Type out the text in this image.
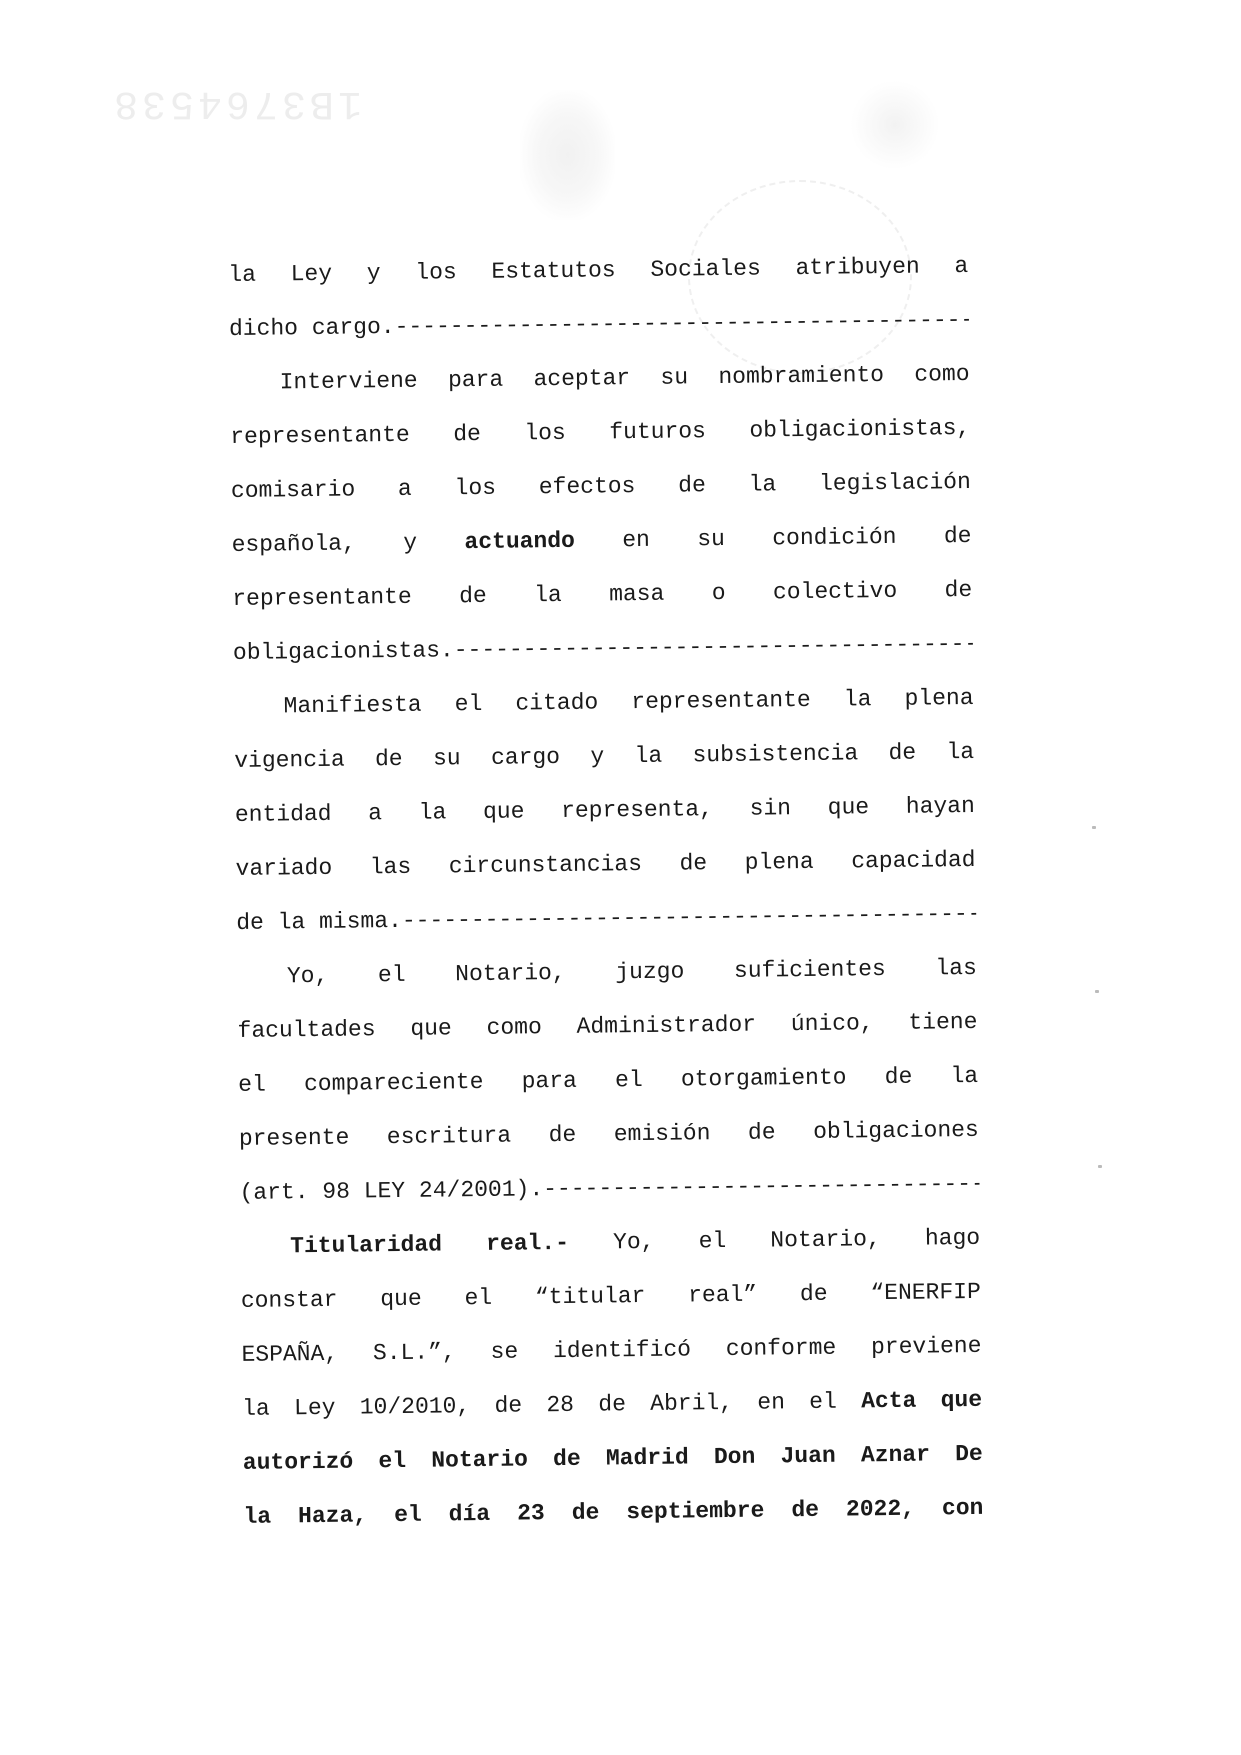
1B3764538
la Ley y los Estatutos Sociales atribuyen a
dicho cargo.
-----
Interviene para aceptar su nombramiento como
representante de los futuros obligacionistas,
comisario a los efectos de la legislación
española, y actuando en su condición de
representante de la masa o colectivo de
obligacionistas.
-----
Manifiesta el citado representante la plena
vigencia de su cargo y la subsistencia de la
entidad a la que representa, sin que hayan
variado las circunstancias de plena capacidad
de la misma.
-----
Yo, el Notario, juzgo suficientes las
facultades que como Administrador único, tiene
el compareciente para el otorgamiento de la
presente escritura de emisión de obligaciones
(art. 98 LEY 24/2001).
-----
Titularidad real.- Yo, el Notario, hago
constar que el “titular real” de “ENERFIP
ESPAÑA, S.L.”, se identificó conforme previene
la Ley 10/2010, de 28 de Abril, en el Acta que
autorizó el Notario de Madrid Don Juan Aznar De
la Haza, el día 23 de septiembre de 2022, con
